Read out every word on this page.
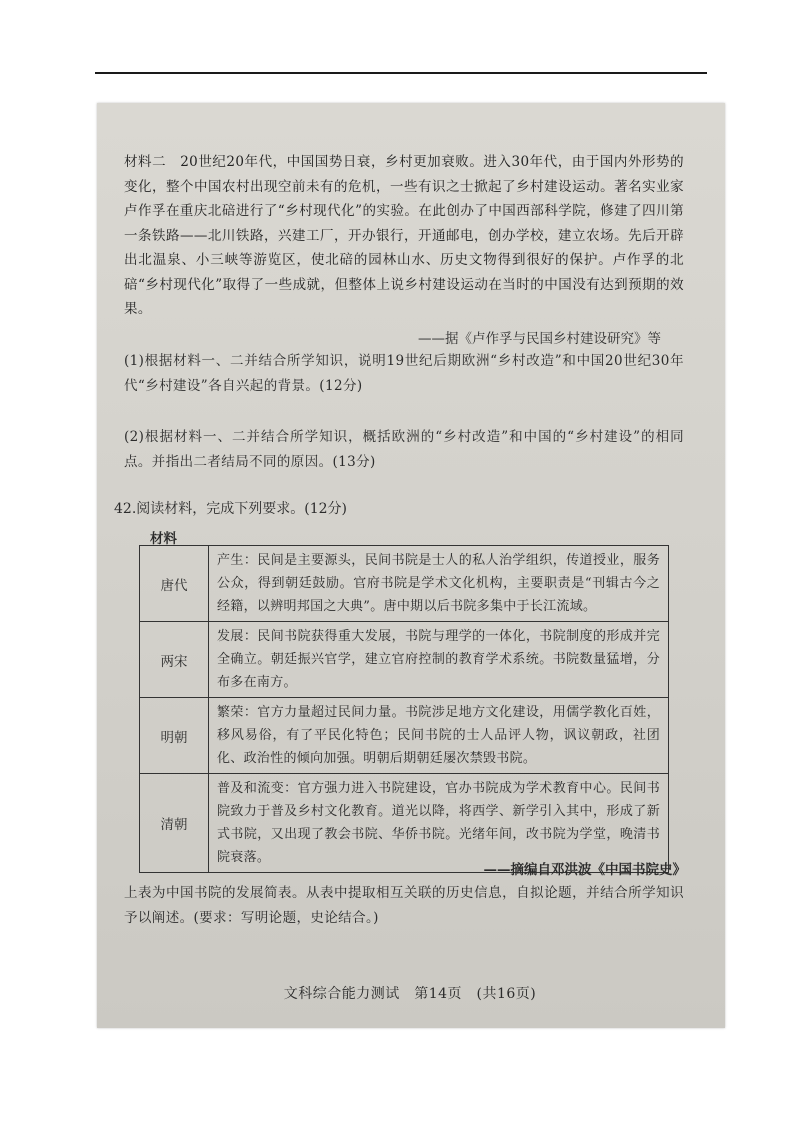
材料二　20世纪20年代，中国国势日衰，乡村更加衰败。进入30年代，由于国内外形势的变化，整个中国农村出现空前未有的危机，一些有识之士掀起了乡村建设运动。著名实业家卢作孚在重庆北碚进行了“乡村现代化”的实验。在此创办了中国西部科学院，修建了四川第一条铁路——北川铁路，兴建工厂，开办银行，开通邮电，创办学校，建立农场。先后开辟出北温泉、小三峡等游览区，使北碚的园林山水、历史文物得到很好的保护。卢作孚的北碚“乡村现代化”取得了一些成就，但整体上说乡村建设运动在当时的中国没有达到预期的效果。

——据《卢作孚与民国乡村建设研究》等

(1)根据材料一、二并结合所学知识，说明19世纪后期欧洲“乡村改造”和中国20世纪30年代“乡村建设”各自兴起的背景。(12分)

(2)根据材料一、二并结合所学知识，概括欧洲的“乡村改造”和中国的“乡村建设”的相同点。并指出二者结局不同的原因。(13分)

42.阅读材料，完成下列要求。(12分)

材料

唐代	产生：民间是主要源头，民间书院是士人的私人治学组织，传道授业，服务公众，得到朝廷鼓励。官府书院是学术文化机构，主要职责是“刊辑古今之经籍，以辨明邦国之大典”。唐中期以后书院多集中于长江流域。
两宋	发展：民间书院获得重大发展，书院与理学的一体化，书院制度的形成并完全确立。朝廷振兴官学，建立官府控制的教育学术系统。书院数量猛增，分布多在南方。
明朝	繁荣：官方力量超过民间力量。书院涉足地方文化建设，用儒学教化百姓，移风易俗，有了平民化特色；民间书院的士人品评人物，讽议朝政，社团化、政治性的倾向加强。明朝后期朝廷屡次禁毁书院。
清朝	普及和流变：官方强力进入书院建设，官办书院成为学术教育中心。民间书院致力于普及乡村文化教育。道光以降，将西学、新学引入其中，形成了新式书院，又出现了教会书院、华侨书院。光绪年间，改书院为学堂，晚清书院衰落。

——摘编自邓洪波《中国书院史》

上表为中国书院的发展简表。从表中提取相互关联的历史信息，自拟论题，并结合所学知识予以阐述。(要求：写明论题，史论结合。)

文科综合能力测试　第14页　(共16页)
